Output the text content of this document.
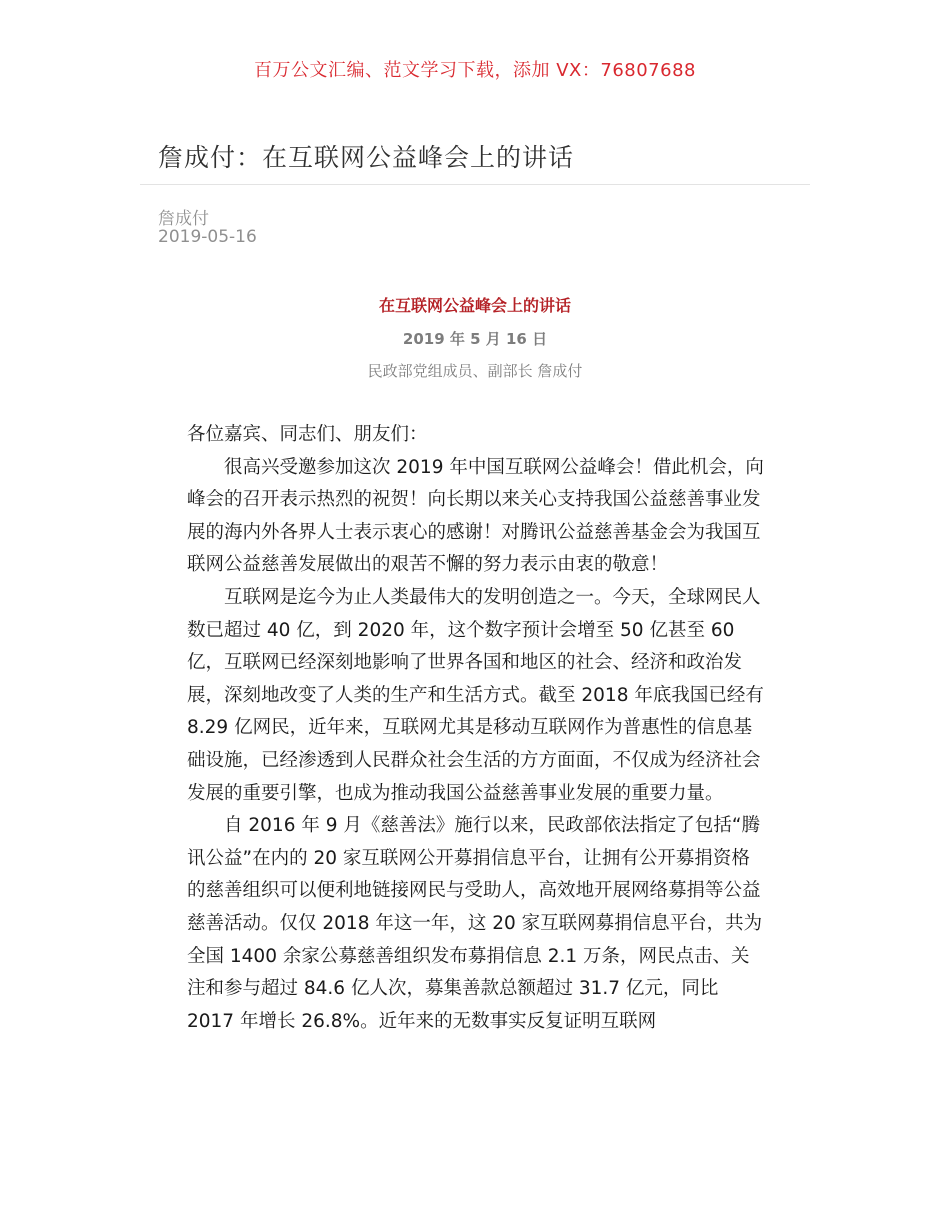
百万公文汇编、范文学习下载，添加 VX：76807688
詹成付：在互联网公益峰会上的讲话
詹成付
2019-05-16
在互联网公益峰会上的讲话
2019 年 5 月 16 日
民政部党组成员、副部长 詹成付

各位嘉宾、同志们、朋友们：

很高兴受邀参加这次 2019 年中国互联网公益峰会！借此机会，向峰会的召开表示热烈的祝贺！向长期以来关心支持我国公益慈善事业发展的海内外各界人士表示衷心的感谢！对腾讯公益慈善基金会为我国互联网公益慈善发展做出的艰苦不懈的努力表示由衷的敬意！

互联网是迄今为止人类最伟大的发明创造之一。今天，全球网民人数已超过 40 亿，到 2020 年，这个数字预计会增至 50 亿甚至 60 亿，互联网已经深刻地影响了世界各国和地区的社会、经济和政治发展，深刻地改变了人类的生产和生活方式。截至 2018 年底我国已经有 8.29 亿网民，近年来，互联网尤其是移动互联网作为普惠性的信息基础设施，已经渗透到人民群众社会生活的方方面面，不仅成为经济社会发展的重要引擎，也成为推动我国公益慈善事业发展的重要力量。

自 2016 年 9 月《慈善法》施行以来，民政部依法指定了包括“腾讯公益”在内的 20 家互联网公开募捐信息平台，让拥有公开募捐资格的慈善组织可以便利地链接网民与受助人，高效地开展网络募捐等公益慈善活动。仅仅 2018 年这一年，这 20 家互联网募捐信息平台，共为全国 1400 余家公募慈善组织发布募捐信息 2.1 万条，网民点击、关注和参与超过 84.6 亿人次，募集善款总额超过 31.7 亿元，同比 2017 年增长 26.8%。近年来的无数事实反复证明互联网
